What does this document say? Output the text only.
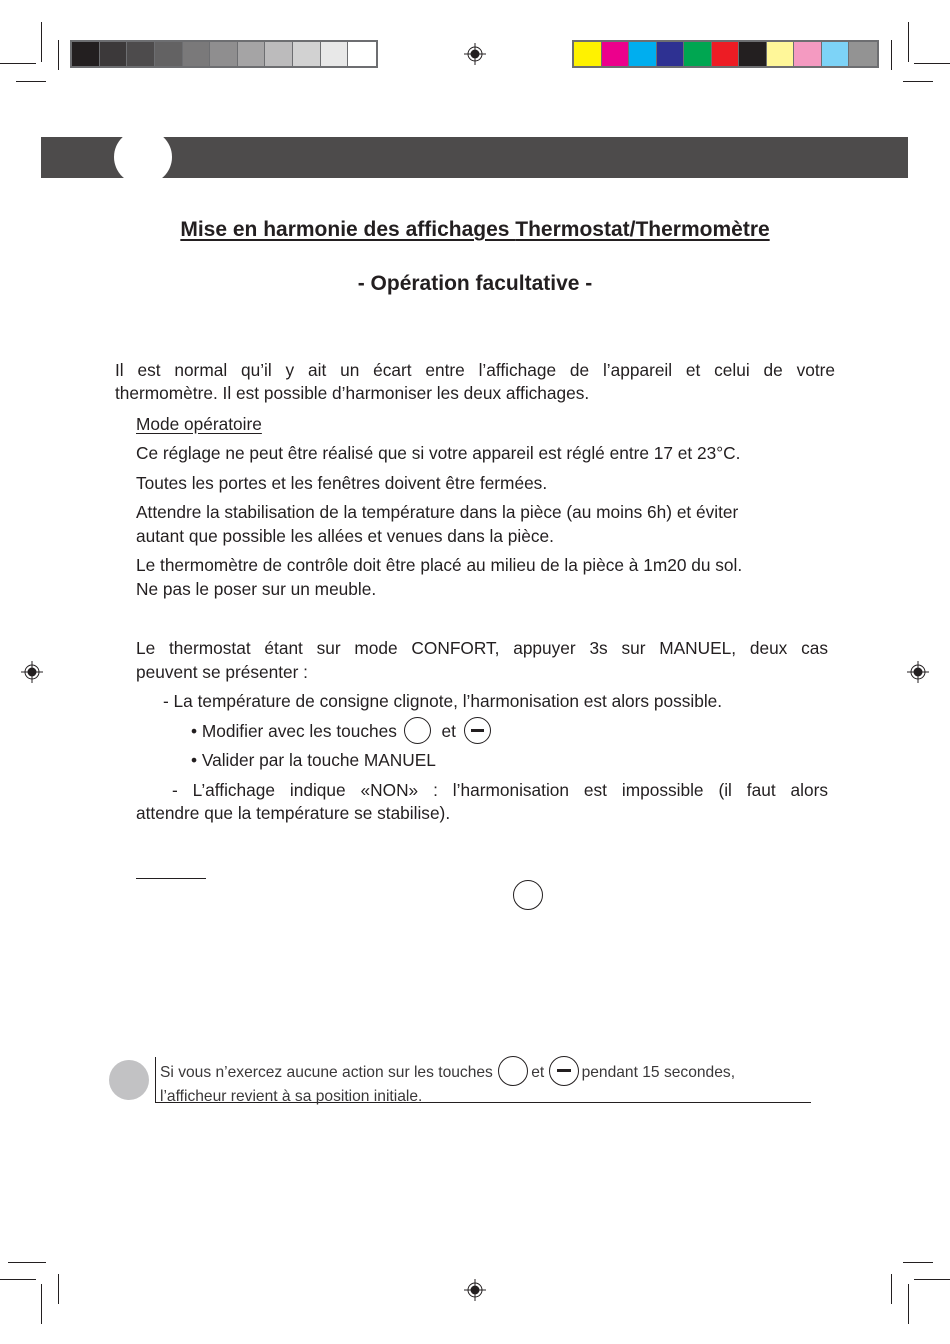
Mise en harmonie des affichages Thermostat/Thermomètre
- Opération facultative -
Il est normal qu’il y ait un écart entre l’affichage de l’appareil et celui de votre
thermomètre. Il est possible d’harmoniser les deux affichages.
Mode opératoire
Ce réglage ne peut être réalisé que si votre appareil est réglé entre 17 et 23°C.
Toutes les portes et les fenêtres doivent être fermées.
Attendre la stabilisation de la température dans la pièce (au moins 6h) et éviter
autant que possible les allées et venues dans la pièce.
Le thermomètre de contrôle doit être placé au milieu de la pièce à 1m20 du sol.
Ne pas le poser sur un meuble.
Le thermostat étant sur mode CONFORT, appuyer 3s sur MANUEL, deux cas
peuvent se présenter :
- La température de consigne clignote, l’harmonisation est alors possible.
• Modifier avec les touches	et
• Valider par la touche MANUEL
- L’affichage indique «NON» : l’harmonisation est impossible (il faut alors
attendre que la température se stabilise).
Si vous n’exercez aucune action sur les touches et pendant 15 secondes,
l’afficheur revient à sa position initiale.
